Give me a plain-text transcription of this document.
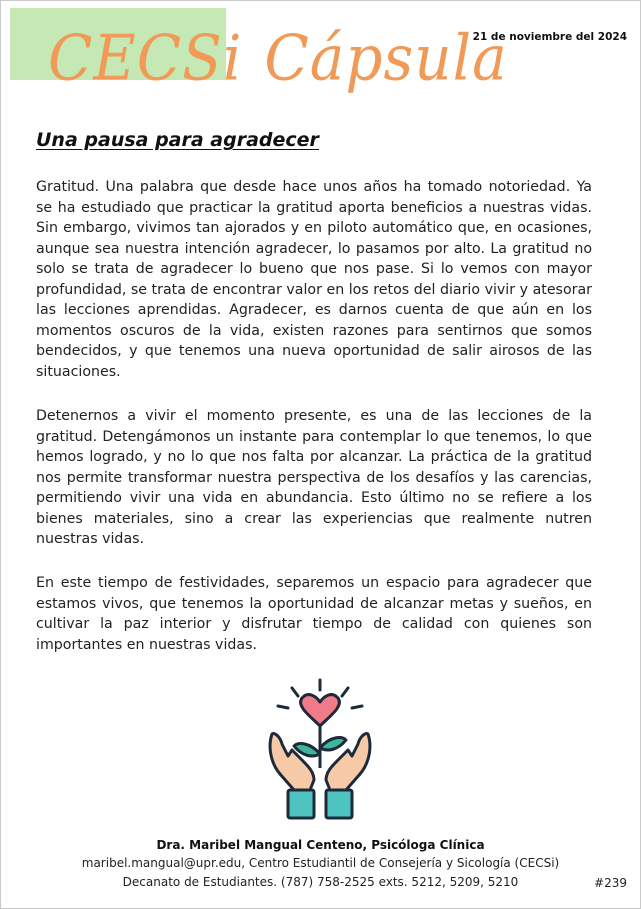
CECSi Cápsula
21 de noviembre del 2024
Una pausa para agradecer

Gratitud. Una palabra que desde hace unos años ha tomado notoriedad. Ya se ha estudiado que practicar la gratitud aporta beneficios a nuestras vidas. Sin embargo, vivimos tan ajorados y en piloto automático que, en ocasiones, aunque sea nuestra intención agradecer, lo pasamos por alto. La gratitud no solo se trata de agradecer lo bueno que nos pase. Si lo vemos con mayor profundidad, se trata de encontrar valor en los retos del diario vivir y atesorar las lecciones aprendidas. Agradecer, es darnos cuenta de que aún en los momentos oscuros de la vida, existen razones para sentirnos que somos bendecidos, y que tenemos una nueva oportunidad de salir airosos de las situaciones.

Detenernos a vivir el momento presente, es una de las lecciones de la gratitud. Detengámonos un instante para contemplar lo que tenemos, lo que hemos logrado, y no lo que nos falta por alcanzar. La práctica de la gratitud nos permite transformar nuestra perspectiva de los desafíos y las carencias, permitiendo vivir una vida en abundancia. Esto último no se refiere a los bienes materiales, sino a crear las experiencias que realmente nutren nuestras vidas.

En este tiempo de festividades, separemos un espacio para agradecer que estamos vivos, que tenemos la oportunidad de alcanzar metas y sueños, en cultivar la paz interior y disfrutar tiempo de calidad con quienes son importantes en nuestras vidas.

Dra. Maribel Mangual Centeno, Psicóloga Clínica
maribel.mangual@upr.edu, Centro Estudiantil de Consejería y Sicología (CECSi)
Decanato de Estudiantes. (787) 758-2525 exts. 5212, 5209, 5210	#239
